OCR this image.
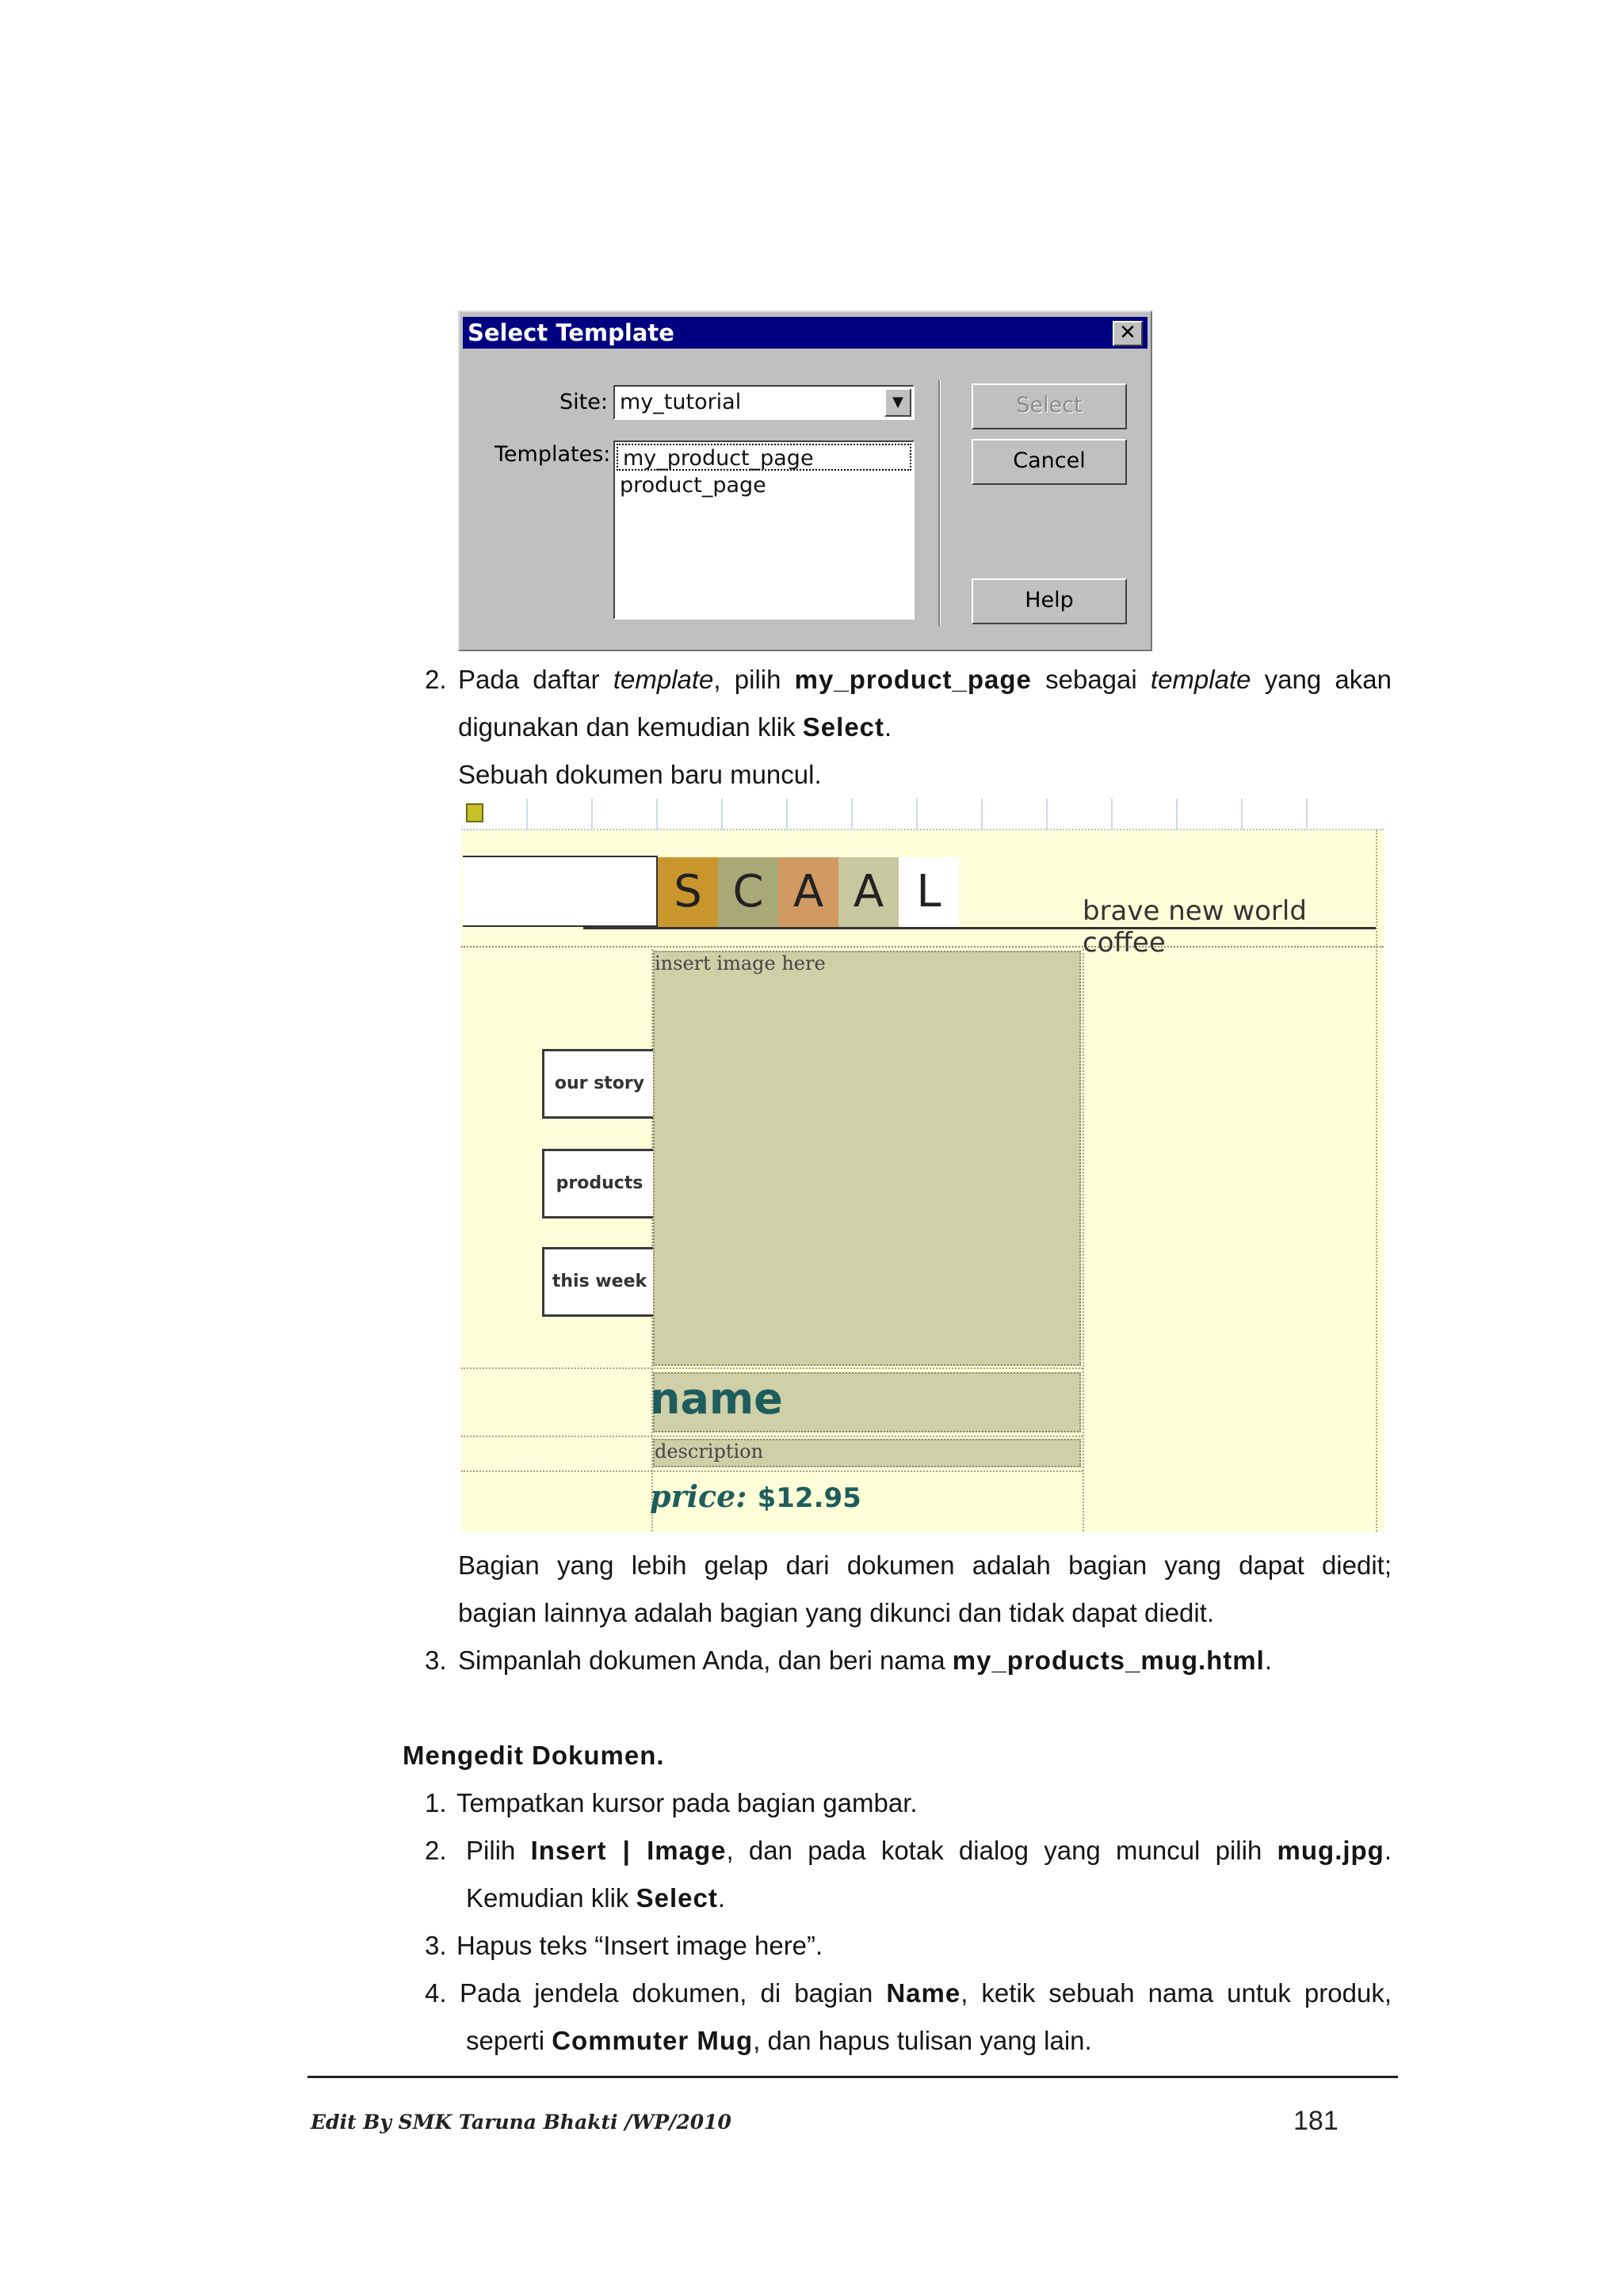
Select Template	✕
Site: my_tutorial	▼
Templates: my_product_page
product_page
Select
Cancel
Help
2. Pada daftar template, pilih my_product_page sebagai template yang akan
digunakan dan kemudian klik Select.
Sebuah dokumen baru muncul.
S C A A L	brave new world coffee
our story
products
this week
insert image here
name
description
price: $12.95
Bagian yang lebih gelap dari dokumen adalah bagian yang dapat diedit;
bagian lainnya adalah bagian yang dikunci dan tidak dapat diedit.
3. Simpanlah dokumen Anda, dan beri nama my_products_mug.html.
Mengedit Dokumen.
1. Tempatkan kursor pada bagian gambar.
2. Pilih Insert | Image, dan pada kotak dialog yang muncul pilih mug.jpg.
Kemudian klik Select.
3. Hapus teks “Insert image here”.
4. Pada jendela dokumen, di bagian Name, ketik sebuah nama untuk produk,
seperti Commuter Mug, dan hapus tulisan yang lain.
Edit By SMK Taruna Bhakti /WP/2010	181
